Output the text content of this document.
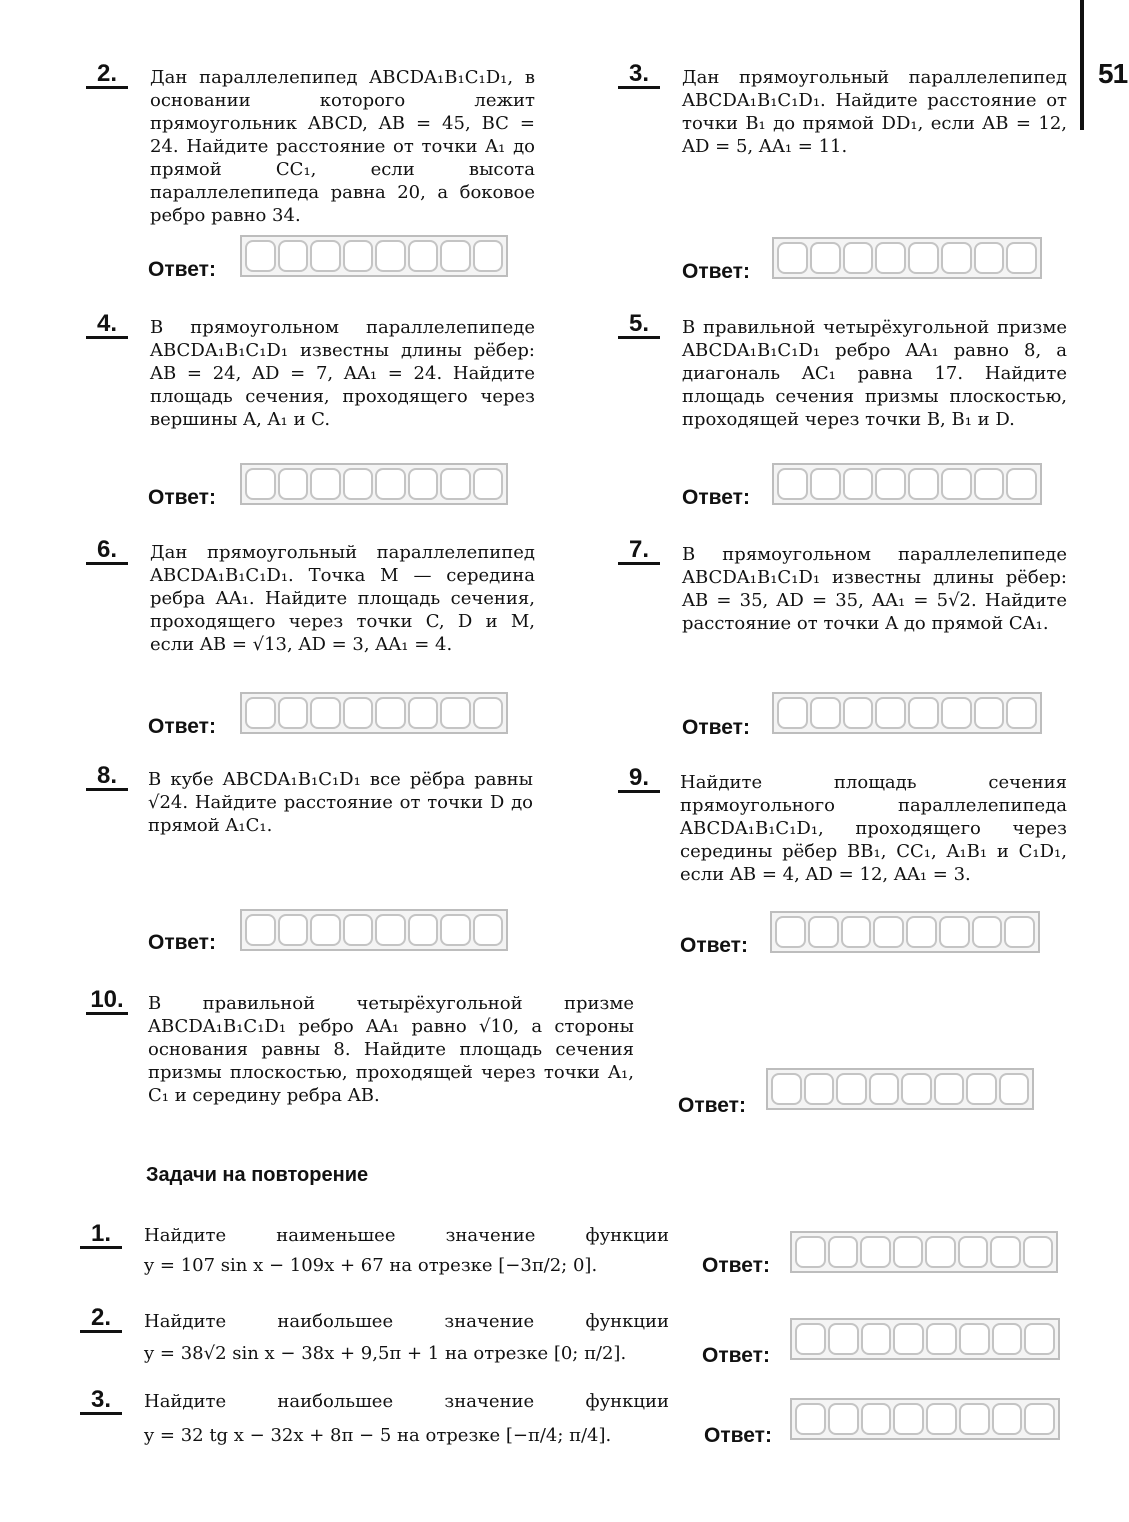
51
2.	Дан параллелепипед ABCDA₁B₁C₁D₁, в основании которого лежит прямоугольник ABCD, AB = 45, BC = 24. Найдите расстояние от точки A₁ до прямой CC₁, если высота параллелепипеда равна 20, а боковое ребро равно 34.
Ответ:
3.	Дан прямоугольный параллелепипед ABCDA₁B₁C₁D₁. Найдите расстояние от точки B₁ до прямой DD₁, если AB = 12, AD = 5, AA₁ = 11.
Ответ:
4.	В прямоугольном параллелепипеде ABCDA₁B₁C₁D₁ известны длины рёбер: AB = 24, AD = 7, AA₁ = 24. Найдите площадь сечения, проходящего через вершины A, A₁ и C.
Ответ:
5.	В правильной четырёхугольной призме ABCDA₁B₁C₁D₁ ребро AA₁ равно 8, а диагональ AC₁ равна 17. Найдите площадь сечения призмы плоскостью, проходящей через точки B, B₁ и D.
Ответ:
6.	Дан прямоугольный параллелепипед ABCDA₁B₁C₁D₁. Точка M — середина ребра AA₁. Найдите площадь сечения, проходящего через точки C, D и M, если AB = √13, AD = 3, AA₁ = 4.
Ответ:
7.	В прямоугольном параллелепипеде ABCDA₁B₁C₁D₁ известны длины рёбер: AB = 35, AD = 35, AA₁ = 5√2. Найдите расстояние от точки A до прямой CA₁.
Ответ:
8.	В кубе ABCDA₁B₁C₁D₁ все рёбра равны √24. Найдите расстояние от точки D до прямой A₁C₁.
Ответ:
9.	Найдите площадь сечения прямоугольного параллелепипеда ABCDA₁B₁C₁D₁, проходящего через середины рёбер BB₁, CC₁, A₁B₁ и C₁D₁, если AB = 4, AD = 12, AA₁ = 3.
Ответ:
10. В правильной четырёхугольной призме ABCDA₁B₁C₁D₁ ребро AA₁ равно √10, а стороны основания равны 8. Найдите площадь сечения призмы плоскостью, проходящей через точки A₁, C₁ и середину ребра AB.	Ответ:
Задачи на повторение
1.	Найдите наименьшее значение функции
y = 107 sin x − 109x + 67 на отрезке [−3π/2; 0].	Ответ:
2.	Найдите наибольшее значение функции
y = 38√2 sin x − 38x + 9,5π + 1 на отрезке [0; π/2].	Ответ:
3.	Найдите наибольшее значение функции
y = 32 tg x − 32x + 8π − 5 на отрезке [−π/4; π/4].	Ответ:
